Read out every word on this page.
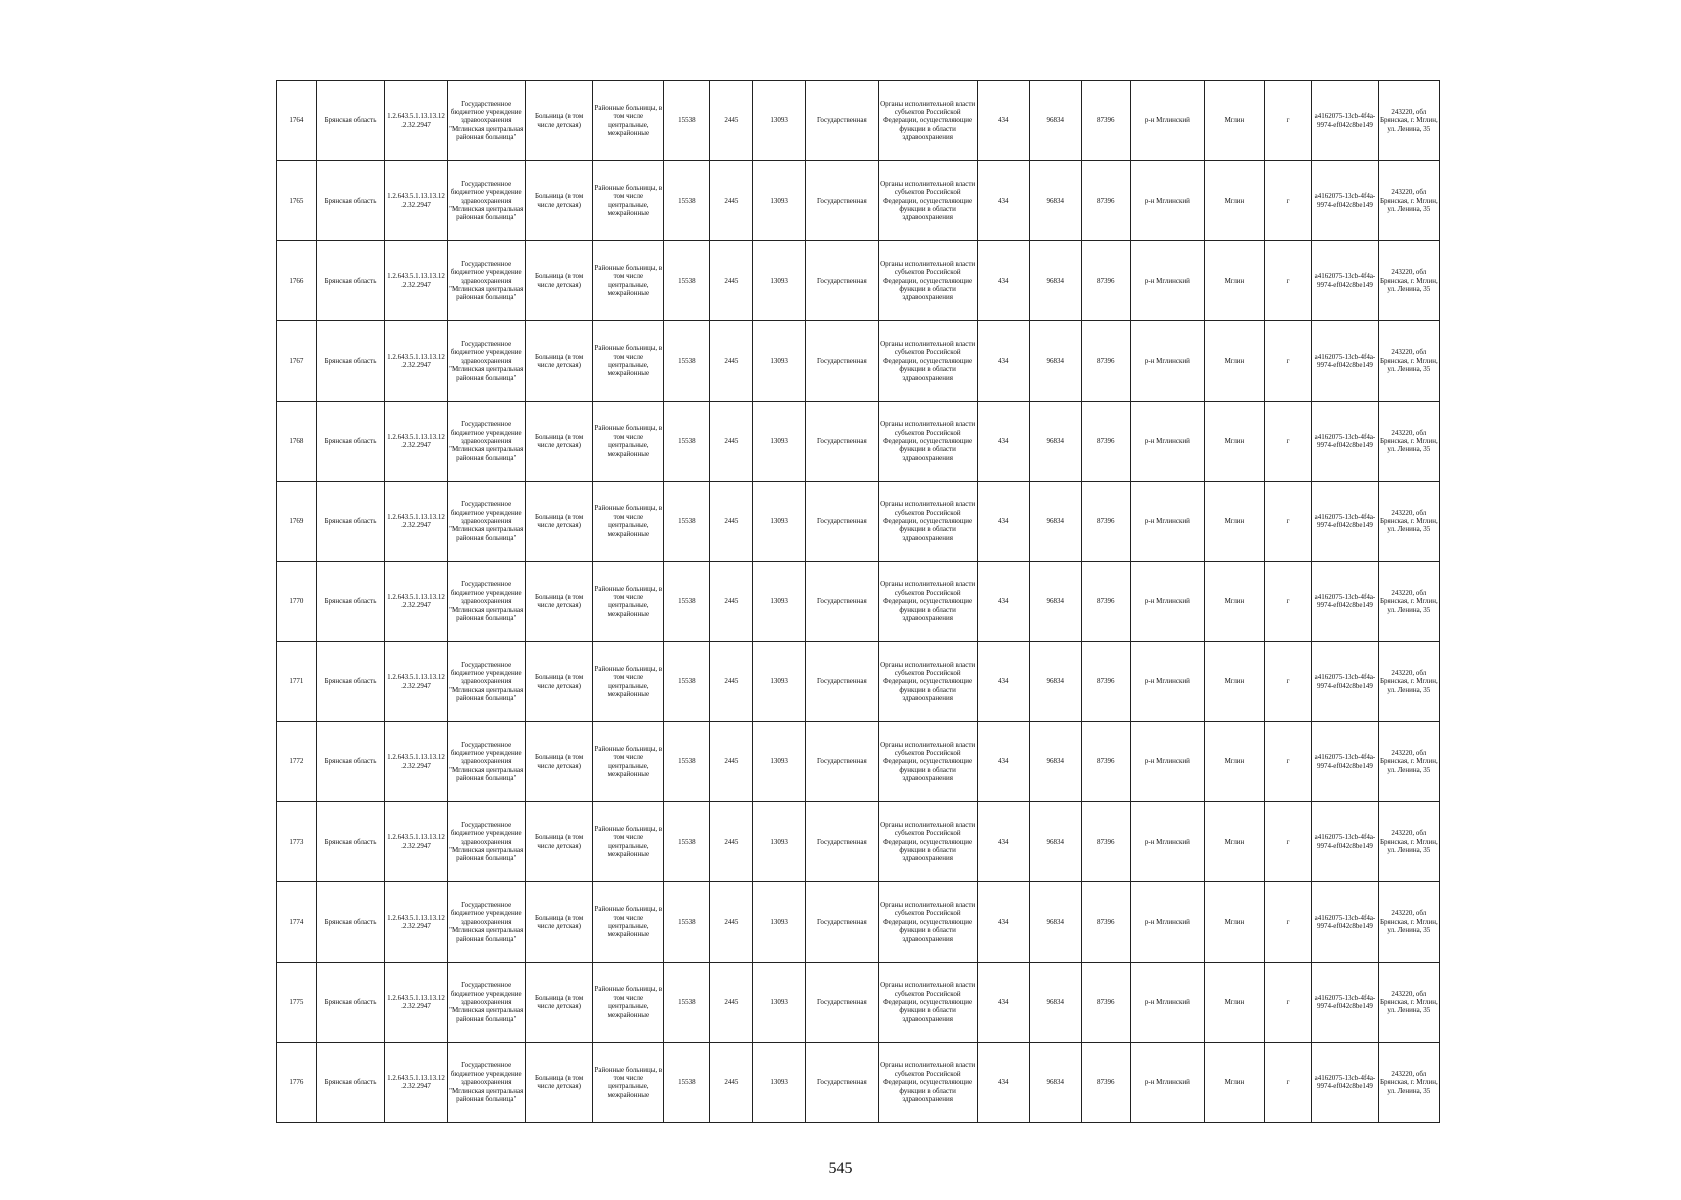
1764	Брянская область	1.2.643.5.1.13.13.12.2.32.2947	Государственное бюджетное учреждение здравоохранения "Мглинская центральная районная больница"	Больница (в том числе детская)	Районные больницы, в том числе центральные, межрайонные	15538	2445	13093	Государственная	Органы исполнительной власти субъектов Российской Федерации, осуществляющие функции в области здравоохранения	434	96834	87396	р-н Мглинский	Мглин	г	a4162075-13cb-4f4a-9974-ef042c8be149	243220, обл Брянская, г. Мглин, ул. Ленина, 35
1765	Брянская область	1.2.643.5.1.13.13.12.2.32.2947	Государственное бюджетное учреждение здравоохранения "Мглинская центральная районная больница"	Больница (в том числе детская)	Районные больницы, в том числе центральные, межрайонные	15538	2445	13093	Государственная	Органы исполнительной власти субъектов Российской Федерации, осуществляющие функции в области здравоохранения	434	96834	87396	р-н Мглинский	Мглин	г	a4162075-13cb-4f4a-9974-ef042c8be149	243220, обл Брянская, г. Мглин, ул. Ленина, 35
1766	Брянская область	1.2.643.5.1.13.13.12.2.32.2947	Государственное бюджетное учреждение здравоохранения "Мглинская центральная районная больница"	Больница (в том числе детская)	Районные больницы, в том числе центральные, межрайонные	15538	2445	13093	Государственная	Органы исполнительной власти субъектов Российской Федерации, осуществляющие функции в области здравоохранения	434	96834	87396	р-н Мглинский	Мглин	г	a4162075-13cb-4f4a-9974-ef042c8be149	243220, обл Брянская, г. Мглин, ул. Ленина, 35
1767	Брянская область	1.2.643.5.1.13.13.12.2.32.2947	Государственное бюджетное учреждение здравоохранения "Мглинская центральная районная больница"	Больница (в том числе детская)	Районные больницы, в том числе центральные, межрайонные	15538	2445	13093	Государственная	Органы исполнительной власти субъектов Российской Федерации, осуществляющие функции в области здравоохранения	434	96834	87396	р-н Мглинский	Мглин	г	a4162075-13cb-4f4a-9974-ef042c8be149	243220, обл Брянская, г. Мглин, ул. Ленина, 35
1768	Брянская область	1.2.643.5.1.13.13.12.2.32.2947	Государственное бюджетное учреждение здравоохранения "Мглинская центральная районная больница"	Больница (в том числе детская)	Районные больницы, в том числе центральные, межрайонные	15538	2445	13093	Государственная	Органы исполнительной власти субъектов Российской Федерации, осуществляющие функции в области здравоохранения	434	96834	87396	р-н Мглинский	Мглин	г	a4162075-13cb-4f4a-9974-ef042c8be149	243220, обл Брянская, г. Мглин, ул. Ленина, 35
1769	Брянская область	1.2.643.5.1.13.13.12.2.32.2947	Государственное бюджетное учреждение здравоохранения "Мглинская центральная районная больница"	Больница (в том числе детская)	Районные больницы, в том числе центральные, межрайонные	15538	2445	13093	Государственная	Органы исполнительной власти субъектов Российской Федерации, осуществляющие функции в области здравоохранения	434	96834	87396	р-н Мглинский	Мглин	г	a4162075-13cb-4f4a-9974-ef042c8be149	243220, обл Брянская, г. Мглин, ул. Ленина, 35
1770	Брянская область	1.2.643.5.1.13.13.12.2.32.2947	Государственное бюджетное учреждение здравоохранения "Мглинская центральная районная больница"	Больница (в том числе детская)	Районные больницы, в том числе центральные, межрайонные	15538	2445	13093	Государственная	Органы исполнительной власти субъектов Российской Федерации, осуществляющие функции в области здравоохранения	434	96834	87396	р-н Мглинский	Мглин	г	a4162075-13cb-4f4a-9974-ef042c8be149	243220, обл Брянская, г. Мглин, ул. Ленина, 35
1771	Брянская область	1.2.643.5.1.13.13.12.2.32.2947	Государственное бюджетное учреждение здравоохранения "Мглинская центральная районная больница"	Больница (в том числе детская)	Районные больницы, в том числе центральные, межрайонные	15538	2445	13093	Государственная	Органы исполнительной власти субъектов Российской Федерации, осуществляющие функции в области здравоохранения	434	96834	87396	р-н Мглинский	Мглин	г	a4162075-13cb-4f4a-9974-ef042c8be149	243220, обл Брянская, г. Мглин, ул. Ленина, 35
1772	Брянская область	1.2.643.5.1.13.13.12.2.32.2947	Государственное бюджетное учреждение здравоохранения "Мглинская центральная районная больница"	Больница (в том числе детская)	Районные больницы, в том числе центральные, межрайонные	15538	2445	13093	Государственная	Органы исполнительной власти субъектов Российской Федерации, осуществляющие функции в области здравоохранения	434	96834	87396	р-н Мглинский	Мглин	г	a4162075-13cb-4f4a-9974-ef042c8be149	243220, обл Брянская, г. Мглин, ул. Ленина, 35
1773	Брянская область	1.2.643.5.1.13.13.12.2.32.2947	Государственное бюджетное учреждение здравоохранения "Мглинская центральная районная больница"	Больница (в том числе детская)	Районные больницы, в том числе центральные, межрайонные	15538	2445	13093	Государственная	Органы исполнительной власти субъектов Российской Федерации, осуществляющие функции в области здравоохранения	434	96834	87396	р-н Мглинский	Мглин	г	a4162075-13cb-4f4a-9974-ef042c8be149	243220, обл Брянская, г. Мглин, ул. Ленина, 35
1774	Брянская область	1.2.643.5.1.13.13.12.2.32.2947	Государственное бюджетное учреждение здравоохранения "Мглинская центральная районная больница"	Больница (в том числе детская)	Районные больницы, в том числе центральные, межрайонные	15538	2445	13093	Государственная	Органы исполнительной власти субъектов Российской Федерации, осуществляющие функции в области здравоохранения	434	96834	87396	р-н Мглинский	Мглин	г	a4162075-13cb-4f4a-9974-ef042c8be149	243220, обл Брянская, г. Мглин, ул. Ленина, 35
1775	Брянская область	1.2.643.5.1.13.13.12.2.32.2947	Государственное бюджетное учреждение здравоохранения "Мглинская центральная районная больница"	Больница (в том числе детская)	Районные больницы, в том числе центральные, межрайонные	15538	2445	13093	Государственная	Органы исполнительной власти субъектов Российской Федерации, осуществляющие функции в области здравоохранения	434	96834	87396	р-н Мглинский	Мглин	г	a4162075-13cb-4f4a-9974-ef042c8be149	243220, обл Брянская, г. Мглин, ул. Ленина, 35
1776	Брянская область	1.2.643.5.1.13.13.12.2.32.2947	Государственное бюджетное учреждение здравоохранения "Мглинская центральная районная больница"	Больница (в том числе детская)	Районные больницы, в том числе центральные, межрайонные	15538	2445	13093	Государственная	Органы исполнительной власти субъектов Российской Федерации, осуществляющие функции в области здравоохранения	434	96834	87396	р-н Мглинский	Мглин	г	a4162075-13cb-4f4a-9974-ef042c8be149	243220, обл Брянская, г. Мглин, ул. Ленина, 35
545
